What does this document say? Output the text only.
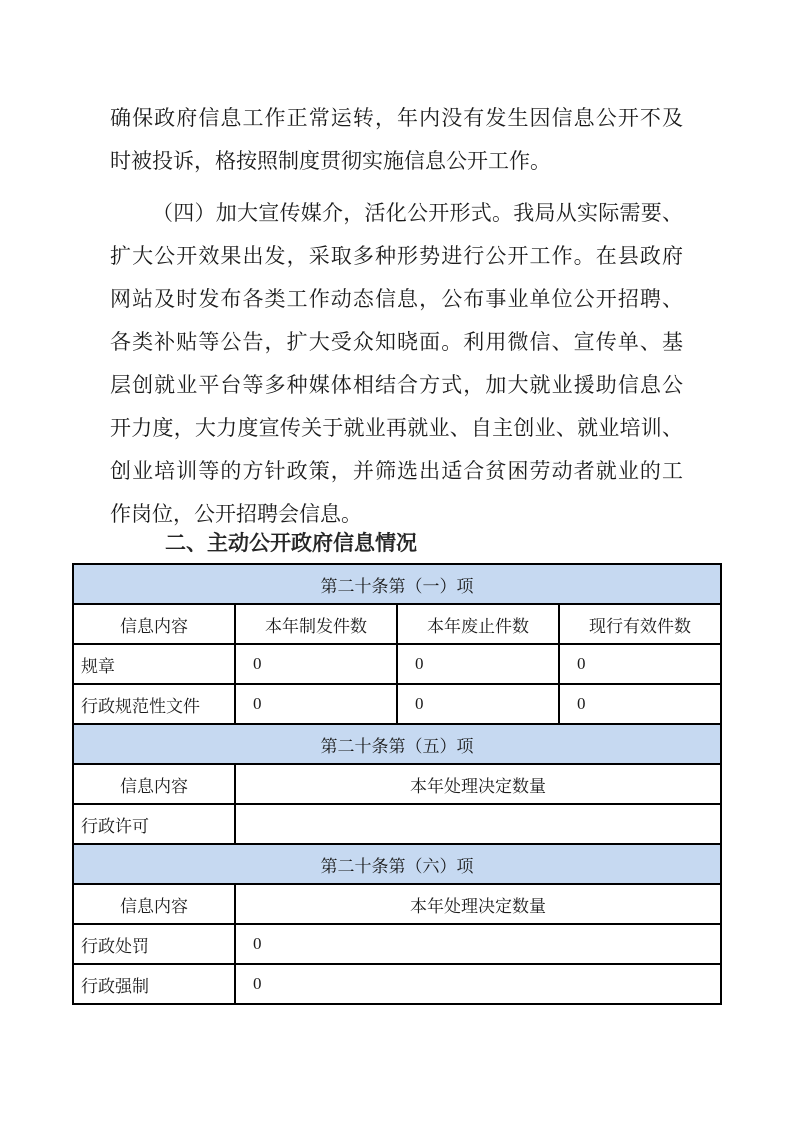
确保政府信息工作正常运转，年内没有发生因信息公开不及
时被投诉，格按照制度贯彻实施信息公开工作。
（四）加大宣传媒介，活化公开形式。我局从实际需要、
扩大公开效果出发，采取多种形势进行公开工作。在县政府
网站及时发布各类工作动态信息，公布事业单位公开招聘、
各类补贴等公告，扩大受众知晓面。利用微信、宣传单、基
层创就业平台等多种媒体相结合方式，加大就业援助信息公
开力度，大力度宣传关于就业再就业、自主创业、就业培训、
创业培训等的方针政策，并筛选出适合贫困劳动者就业的工
作岗位，公开招聘会信息。
二、主动公开政府信息情况
第二十条第（一）项			
信息内容	本年制发件数	本年废止件数	现行有效件数
规章	0	0	0
行政规范性文件	0	0	0
第二十条第（五）项			
信息内容	本年处理决定数量		
行政许可			
第二十条第（六）项			
信息内容	本年处理决定数量		
行政处罚	0		
行政强制	0		
